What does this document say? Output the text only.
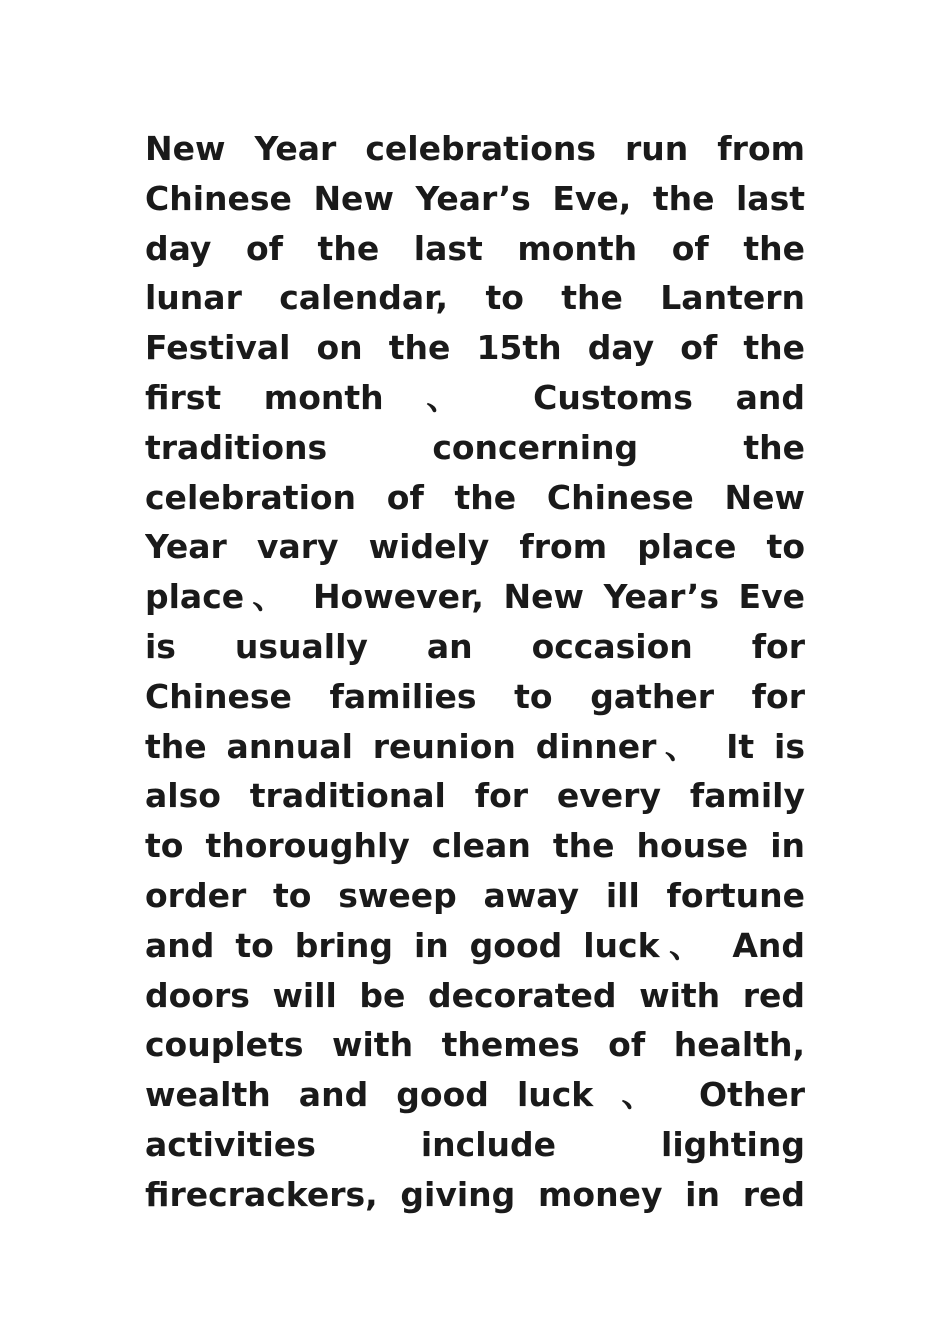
New Year celebrations run from
Chinese New Year’s Eve, the last
day of the last month of the
lunar calendar, to the Lantern
Festival on the 15th day of the
first month 、 Customs and
traditions concerning the
celebration of the Chinese New
Year vary widely from place to
place、 However, New Year’s Eve
is usually an occasion for
Chinese families to gather for
the annual reunion dinner、 It is
also traditional for every family
to thoroughly clean the house in
order to sweep away ill fortune
and to bring in good luck、 And
doors will be decorated with red
couplets with themes of health,
wealth and good luck 、 Other
activities include lighting
firecrackers, giving money in red
